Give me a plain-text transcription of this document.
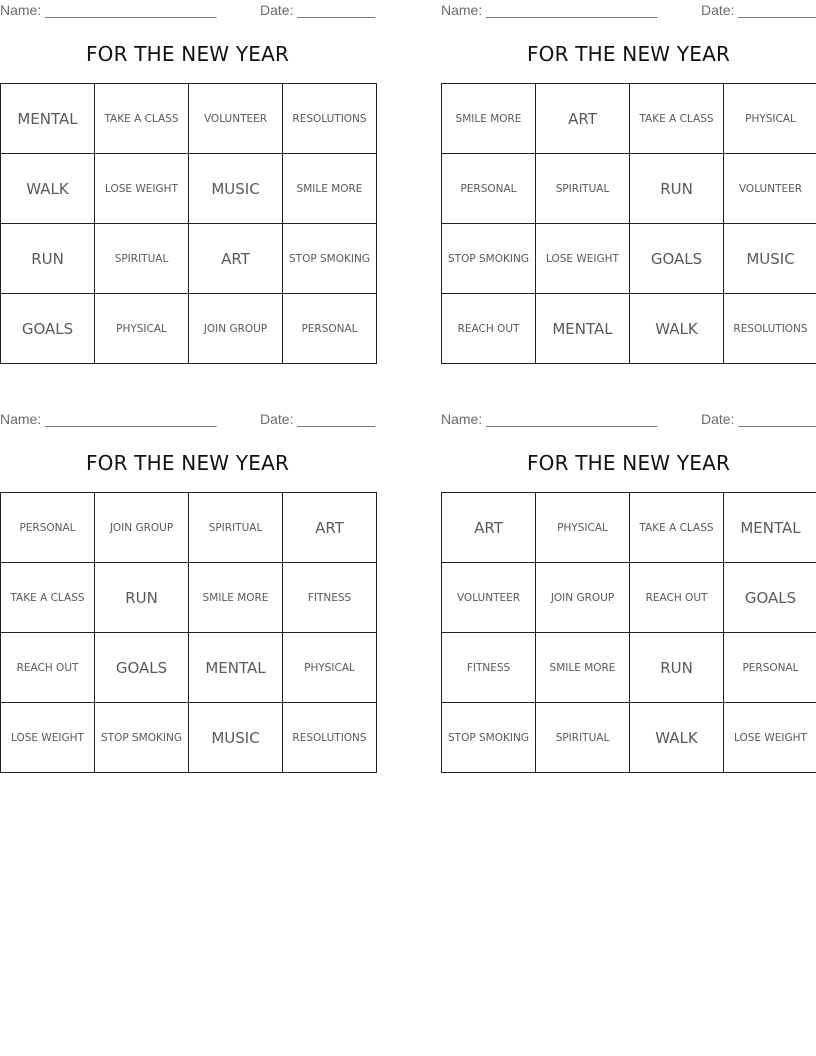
Name: ______________________	Date: __________
FOR THE NEW YEAR
MENTAL	TAKE A CLASS	VOLUNTEER	RESOLUTIONS
WALK	LOSE WEIGHT	MUSIC	SMILE MORE
RUN	SPIRITUAL	ART	STOP SMOKING
GOALS	PHYSICAL	JOIN GROUP	PERSONAL
Name: ______________________	Date: __________
FOR THE NEW YEAR
SMILE MORE	ART	TAKE A CLASS	PHYSICAL
PERSONAL	SPIRITUAL	RUN	VOLUNTEER
STOP SMOKING	LOSE WEIGHT	GOALS	MUSIC
REACH OUT	MENTAL	WALK	RESOLUTIONS
Name: ______________________	Date: __________
FOR THE NEW YEAR
PERSONAL	JOIN GROUP	SPIRITUAL	ART
TAKE A CLASS	RUN	SMILE MORE	FITNESS
REACH OUT	GOALS	MENTAL	PHYSICAL
LOSE WEIGHT	STOP SMOKING	MUSIC	RESOLUTIONS
Name: ______________________	Date: __________
FOR THE NEW YEAR
ART	PHYSICAL	TAKE A CLASS	MENTAL
VOLUNTEER	JOIN GROUP	REACH OUT	GOALS
FITNESS	SMILE MORE	RUN	PERSONAL
STOP SMOKING	SPIRITUAL	WALK	LOSE WEIGHT
